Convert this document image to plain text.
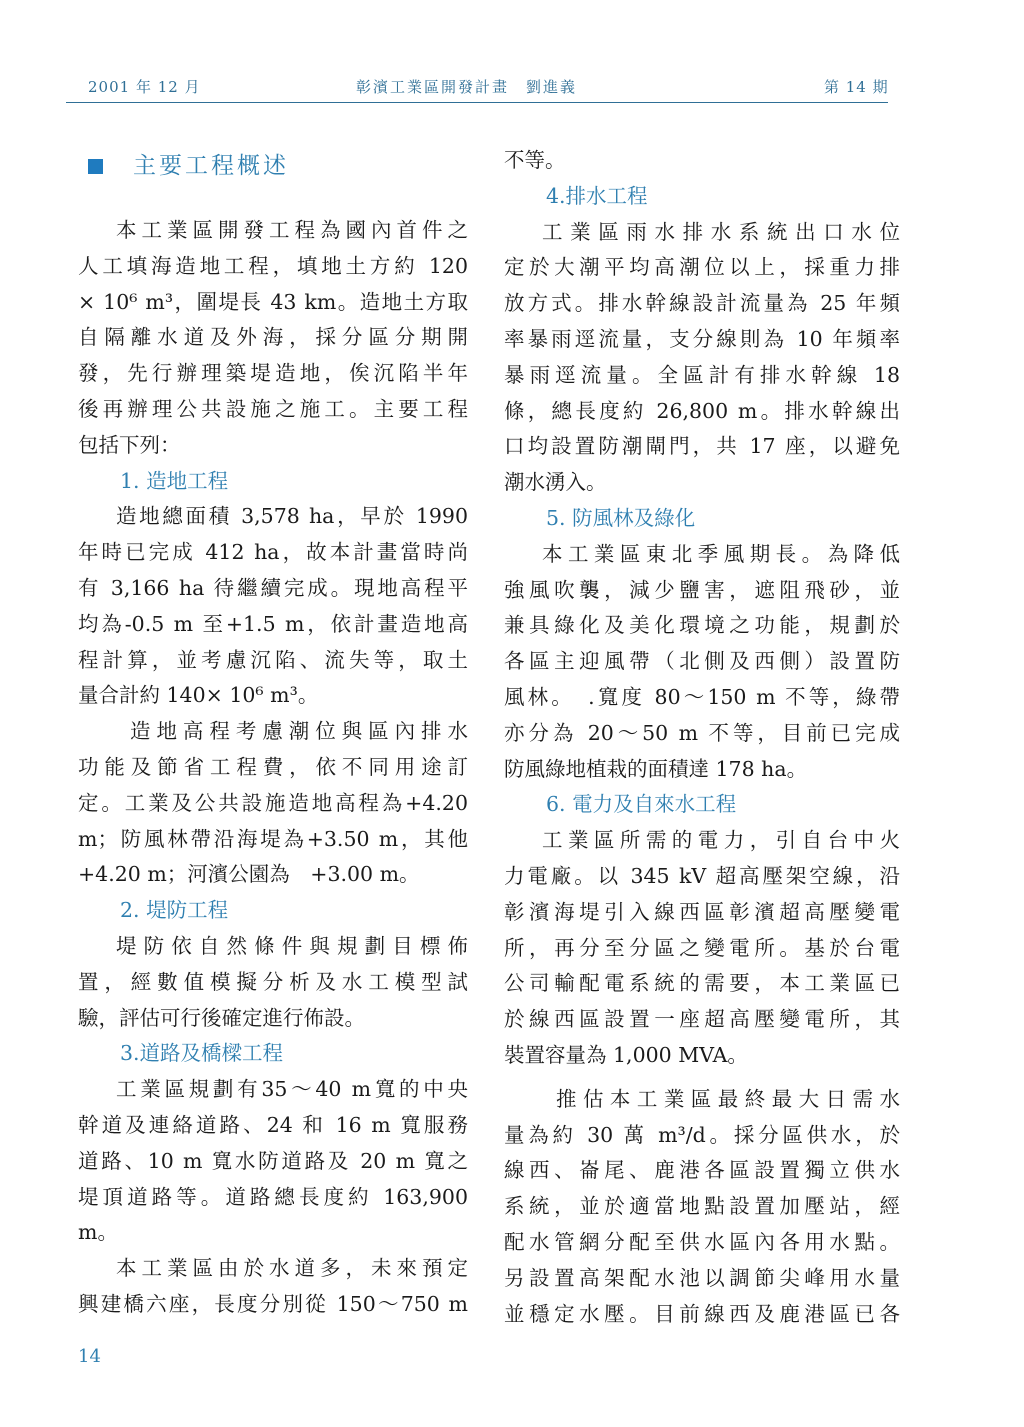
2001 年 12 月	彰濱工業區開發計畫　劉進義	第 14 期
主要工程概述
本工業區開發工程為國內首件之
人工填海造地工程，填地土方約 120
× 10⁶ m³，圍堤長 43 km。造地土方取
自隔離水道及外海，採分區分期開
發，先行辦理築堤造地，俟沉陷半年
後再辦理公共設施之施工。主要工程
包括下列：
1. 造地工程
造地總面積 3,578 ha，早於 1990
年時已完成 412 ha，故本計畫當時尚
有 3,166 ha 待繼續完成。現地高程平
均為-0.5 m 至+1.5 m，依計畫造地高
程計算，並考慮沉陷、流失等，取土
量合計約 140× 10⁶ m³。
造地高程考慮潮位與區內排水
功能及節省工程費，依不同用途訂
定。工業及公共設施造地高程為+4.20
m；防風林帶沿海堤為+3.50 m，其他
+4.20 m；河濱公園為　+3.00 m。
2. 堤防工程
堤防依自然條件與規劃目標佈
置，經數值模擬分析及水工模型試
驗，評估可行後確定進行佈設。
3.道路及橋樑工程
工業區規劃有35～40 m寬的中央
幹道及連絡道路、24 和 16 m 寬服務
道路、10 m 寬水防道路及 20 m 寬之
堤頂道路等。道路總長度約 163,900
m。
本工業區由於水道多，未來預定
興建橋六座，長度分別從 150～750 m
不等。
4.排水工程
工業區雨水排水系統出口水位
定於大潮平均高潮位以上，採重力排
放方式。排水幹線設計流量為 25 年頻
率暴雨逕流量，支分線則為 10 年頻率
暴雨逕流量。全區計有排水幹線 18
條，總長度約 26,800 m。排水幹線出
口均設置防潮閘門，共 17 座，以避免
潮水湧入。
5. 防風林及綠化
本工業區東北季風期長。為降低
強風吹襲，減少鹽害，遮阻飛砂，並
兼具綠化及美化環境之功能，規劃於
各區主迎風帶（北側及西側）設置防
風林。　.寬度 80～150 m 不等，綠帶
亦分為 20～50 m 不等，目前已完成
防風綠地植栽的面積達 178 ha。
6. 電力及自來水工程
工業區所需的電力，引自台中火
力電廠。以 345 kV 超高壓架空線，沿
彰濱海堤引入線西區彰濱超高壓變電
所，再分至分區之變電所。基於台電
公司輸配電系統的需要，本工業區已
於線西區設置一座超高壓變電所，其
裝置容量為 1,000 MVA。
推估本工業區最終最大日需水
量為約 30 萬 m³/d。採分區供水，於
線西、崙尾、鹿港各區設置獨立供水
系統，並於適當地點設置加壓站，經
配水管網分配至供水區內各用水點。
另設置高架配水池以調節尖峰用水量
並穩定水壓。目前線西及鹿港區已各
14
